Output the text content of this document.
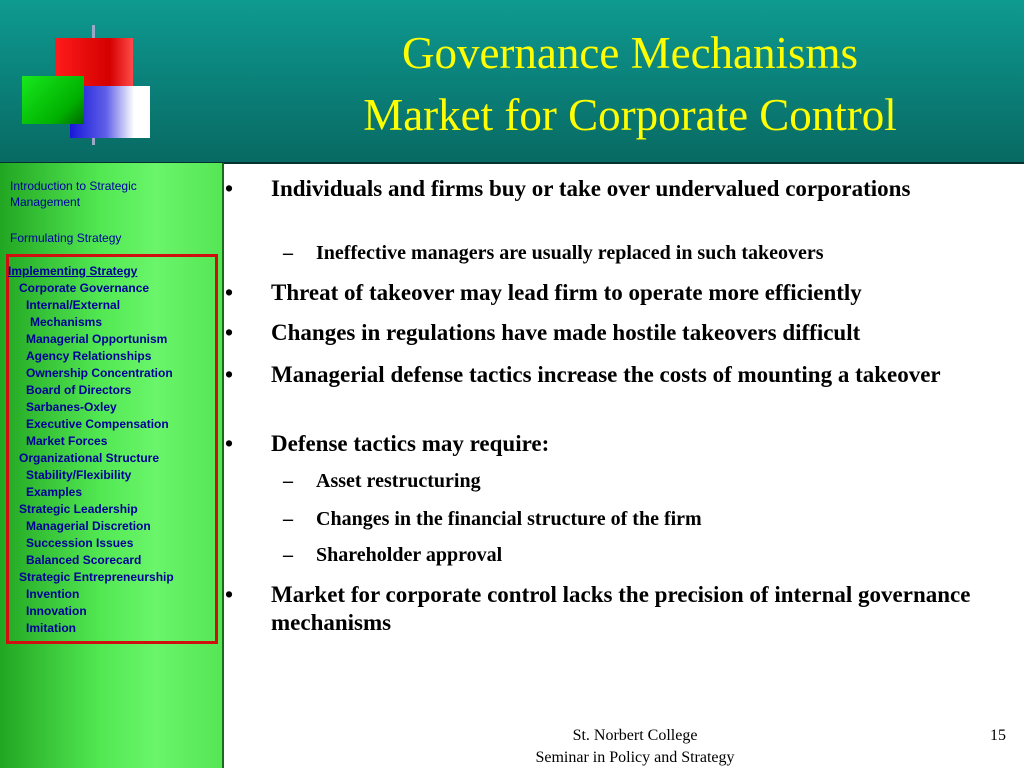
Governance Mechanisms
Market for Corporate Control
Introduction to Strategic Management
Formulating Strategy
Implementing Strategy
Corporate Governance
Internal/External
Mechanisms
Managerial Opportunism
Agency Relationships
Ownership Concentration
Board of Directors
Sarbanes-Oxley
Executive Compensation
Market Forces
Organizational Structure
Stability/Flexibility
Examples
Strategic Leadership
Managerial Discretion
Succession Issues
Balanced Scorecard
Strategic Entrepreneurship
Invention
Innovation
Imitation
•	Individuals and firms buy or take over undervalued corporations
–	Ineffective managers are usually replaced in such takeovers
•	Threat of takeover may lead firm to operate more efficiently
•	Changes in regulations have made hostile takeovers difficult
•	Managerial defense tactics increase the costs of mounting a takeover
•	Defense tactics may require:
–	Asset restructuring
–	Changes in the financial structure of the firm
–	Shareholder approval
•	Market for corporate control lacks the precision of internal governance mechanisms
St. Norbert College
Seminar in Policy and Strategy
15
